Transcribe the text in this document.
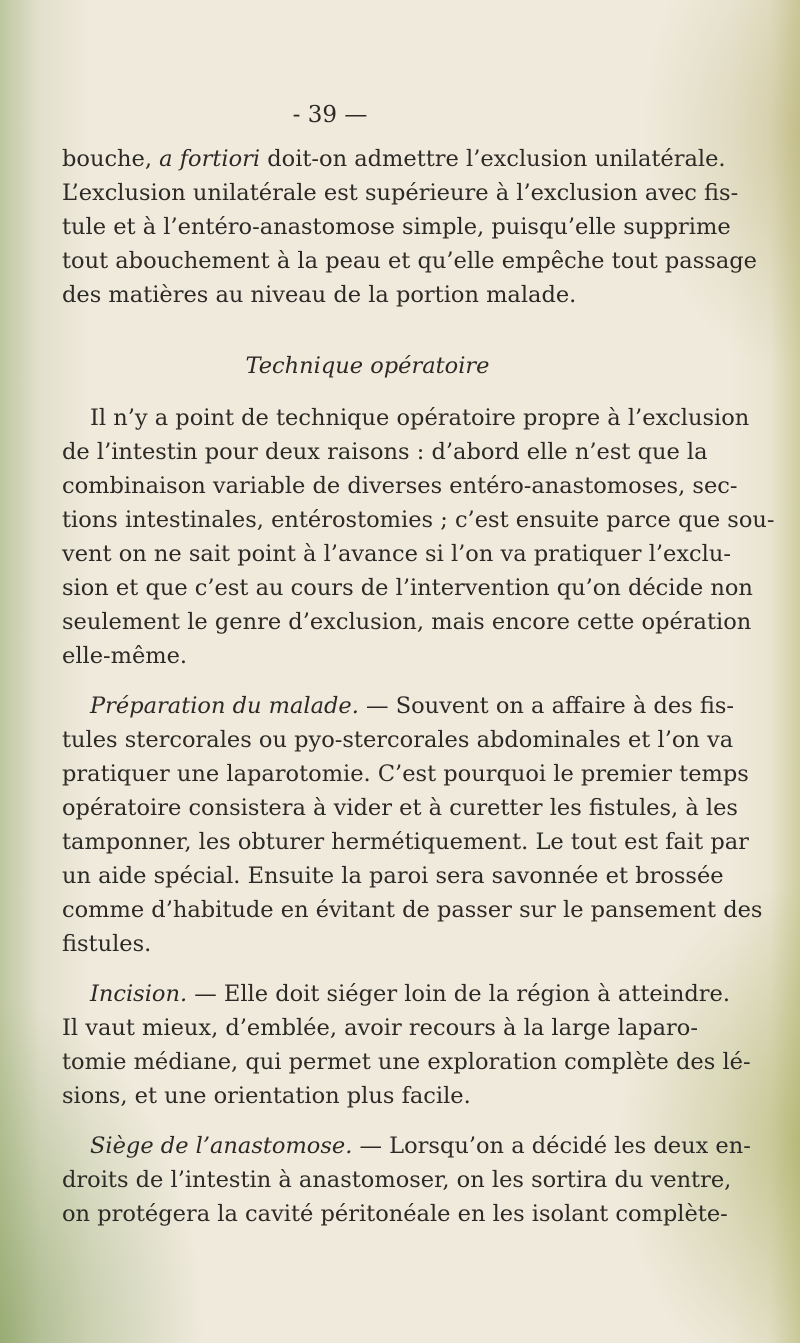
- 39 —
bouche, a fortiori doit-on admettre l’exclusion unilatérale.
L’exclusion unilatérale est supérieure à l’exclusion avec fis-
tule et à l’entéro-anastomose simple, puisqu’elle supprime
tout abouchement à la peau et qu’elle empêche tout passage
des matières au niveau de la portion malade.
Technique opératoire
Il n’y a point de technique opératoire propre à l’exclusion
de l’intestin pour deux raisons : d’abord elle n’est que la
combinaison variable de diverses entéro-anastomoses, sec-
tions intestinales, entérostomies ; c’est ensuite parce que sou-
vent on ne sait point à l’avance si l’on va pratiquer l’exclu-
sion et que c’est au cours de l’intervention qu’on décide non
seulement le genre d’exclusion, mais encore cette opération
elle-même.
Préparation du malade. — Souvent on a affaire à des fis-
tules stercorales ou pyo-stercorales abdominales et l’on va
pratiquer une laparotomie. C’est pourquoi le premier temps
opératoire consistera à vider et à curetter les fistules, à les
tamponner, les obturer hermétiquement. Le tout est fait par
un aide spécial. Ensuite la paroi sera savonnée et brossée
comme d’habitude en évitant de passer sur le pansement des
fistules.
Incision. — Elle doit siéger loin de la région à atteindre.
Il vaut mieux, d’emblée, avoir recours à la large laparo-
tomie médiane, qui permet une exploration complète des lé-
sions, et une orientation plus facile.
Siège de l’anastomose. — Lorsqu’on a décidé les deux en-
droits de l’intestin à anastomoser, on les sortira du ventre,
on protégera la cavité péritonéale en les isolant complète-
